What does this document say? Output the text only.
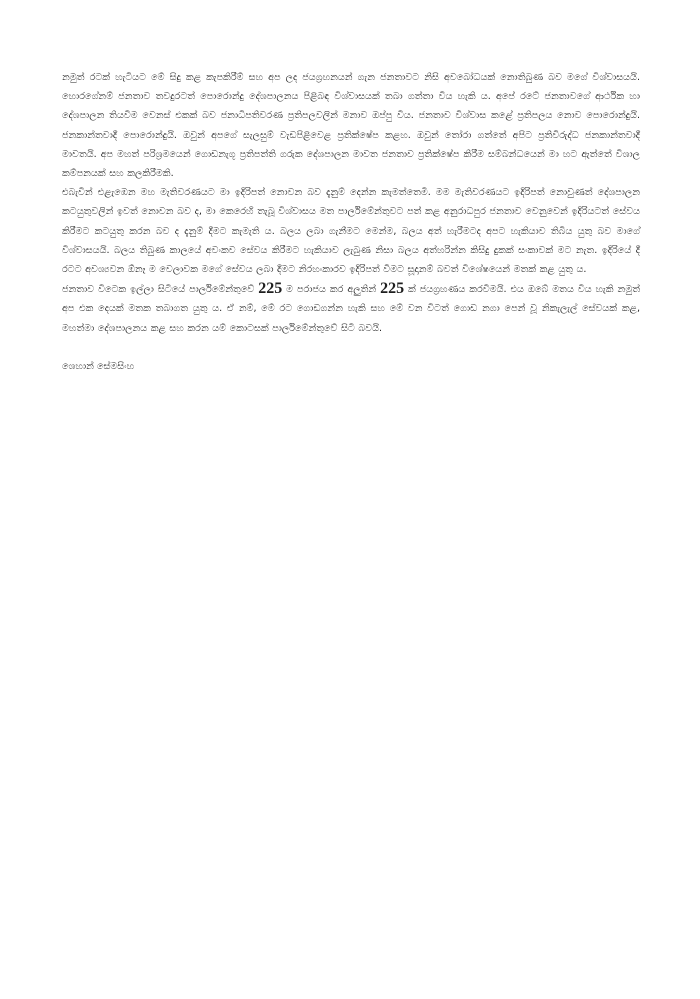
නමුත් රටක් හැටියට මේ සිදු කළ කැපකිරීම් සහ අප ලද ජයග්‍රහනයන් ගැන ජනතාවට නිසි අවබෝධයක් නොතිබුණ බව මගේ විශ්වාසයයි. හොරගේනම් ජනතාව තවදුරටත් පොරොන්දු දේශපාලනය පිළිබඳ විශ්වාසයක් තබා ගත්තා විය හැකි ය. අපේ රටේ ජනතාවගේ ආර්ථික හා දේශපාලන තියවීම වෙනස් එකක් බව ජනාධිපතිවරණ ප්‍රතිපලවලින් මනාව ඔප්පු විය. ජනතාව විශ්වාස කළේ ප්‍රතිපලය නොව පොරොන්දුයි. ජනකාන්තවාදී පොරොන්දුයි. ඔවුන් අපගේ සැලසුම් වැඩපිළිවෙළ ප්‍රතික්ෂේප කළහ. ඔවුන් තෝරා ගත්තේ අපිට ප්‍රතිවිරුද්ධ ජනකාන්තවාදී මාවතයි. අප මහත් පරිශ්‍රමයෙන් ගොඩනැගූ ප්‍රතිපත්ති ගරුක දේශපාලන මාවත ජනතාව ප්‍රතික්ෂේප කිරීම සම්බන්ධයෙන් මා හට ඇත්තේ විශාල කම්පනයක් සහ කලකිරීමකි.

එබැවින් එළැඹෙන මහ මැතිවරණයට මා ඉදිරිපත් නොවන බව දැනුම් දෙන්න කැමත්තෙමි. මම මැතිවරණයට ඉදිරිපත් නොවුණත් දේශපාලන කටයුතුවලින් ඉවත් නොවන බව ද, මා කෙරෙහි තැබූ විශ්වාසය මත පාර්ලිමේන්තුවට පත් කළ අනුරාධපුර ජනතාව වෙනුවෙන් ඉදිරියටත් සේවය කිරීමට කටයුතු කරන බව ද දැනුම් දීමට කැමැති ය. බලය ලබා ගැනීමට මෙන්ම, බලය අත් හැරීමටද අපට හැකියාව තිබිය යුතු බව මාගේ විශ්වාසයයි. බලය තිබුණ කාලයේ අවංකව සේවය කිරීමට හැකියාව ලැබුණ නිසා බලය අත්හරින්න කිසිදු දුකක් සංකාවක් මට නැත. ඉදිරියේ දී රටට අවශ්‍යවන ඕනෑ ම වෙලාවක මගේ සේවය ලබා දීමට නිරහංකාරව ඉදිරිපත් වීමට සූදානම් බවත් විශේෂයෙන් මතක් කළ යුතු ය.

ජනතාව විටෙක ඉල්ලා සිටියේ පාර්ලිමේන්තුවේ 225 ම පරාජය කර අලුතින් 225 ක් ජයග්‍රහණය කරවීමයි. එය ඔබේ මතය විය හැකි නමුත් අප එක දෙයක් මතක තබාගත යුතු ය. ඒ නම්, මේ රට ගොඩගන්න හැකි සහ මේ වන විටත් ගොඩ නගා පෙන් වූ නිකැලැල් සේවයක් කළ, මහත්මා දේශපාලනය කළ සහ කරන යම් කොටසක් පාර්ලිමේන්තුවේ සිටි බවයි.

ශෙහාන් සේමසිංහ
